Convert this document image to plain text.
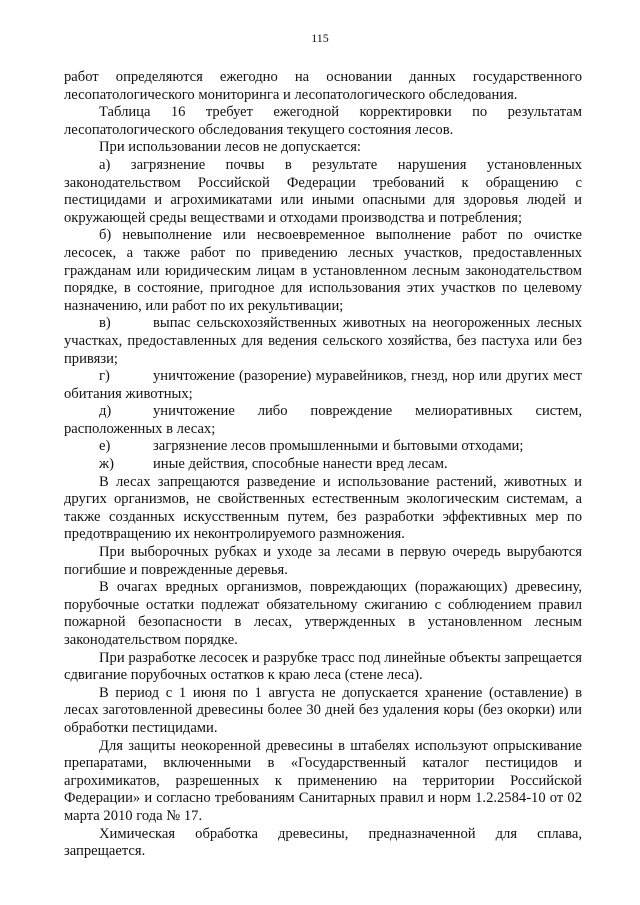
115

работ определяются ежегодно на основании данных государственного лесопатологического мониторинга и лесопатологического обследования.

Таблица 16 требует ежегодной корректировки по результатам лесопатологического обследования текущего состояния лесов.

При использовании лесов не допускается:

а) загрязнение почвы в результате нарушения установленных законодательством Российской Федерации требований к обращению с пестицидами и агрохимикатами или иными опасными для здоровья людей и окружающей среды веществами и отходами производства и потребления;

б) невыполнение или несвоевременное выполнение работ по очистке лесосек, а также работ по приведению лесных участков, предоставленных гражданам или юридическим лицам в установленном лесным законодательством порядке, в состояние, пригодное для использования этих участков по целевому назначению, или работ по их рекультивации;

в)	выпас сельскохозяйственных животных на неогороженных лесных участках, предоставленных для ведения сельского хозяйства, без пастуха или без привязи;

г)	уничтожение (разорение) муравейников, гнезд, нор или других мест обитания животных;

д)	уничтожение либо повреждение мелиоративных систем, расположенных в лесах;

е)	загрязнение лесов промышленными и бытовыми отходами;

ж)	иные действия, способные нанести вред лесам.

В лесах запрещаются разведение и использование растений, животных и других организмов, не свойственных естественным экологическим системам, а также созданных искусственным путем, без разработки эффективных мер по предотвращению их неконтролируемого размножения.

При выборочных рубках и уходе за лесами в первую очередь вырубаются погибшие и поврежденные деревья.

В очагах вредных организмов, повреждающих (поражающих) древесину, порубочные остатки подлежат обязательному сжиганию с соблюдением правил пожарной безопасности в лесах, утвержденных в установленном лесным законодательством порядке.

При разработке лесосек и разрубке трасс под линейные объекты запрещается сдвигание порубочных остатков к краю леса (стене леса).

В период с 1 июня по 1 августа не допускается хранение (оставление) в лесах заготовленной древесины более 30 дней без удаления коры (без окорки) или обработки пестицидами.

Для защиты неокоренной древесины в штабелях используют опрыскивание препаратами, включенными в «Государственный каталог пестицидов и агрохимикатов, разрешенных к применению на территории Российской Федерации» и согласно требованиям Санитарных правил и норм 1.2.2584-10 от 02 марта 2010 года № 17.

Химическая обработка древесины, предназначенной для сплава, запрещается.
